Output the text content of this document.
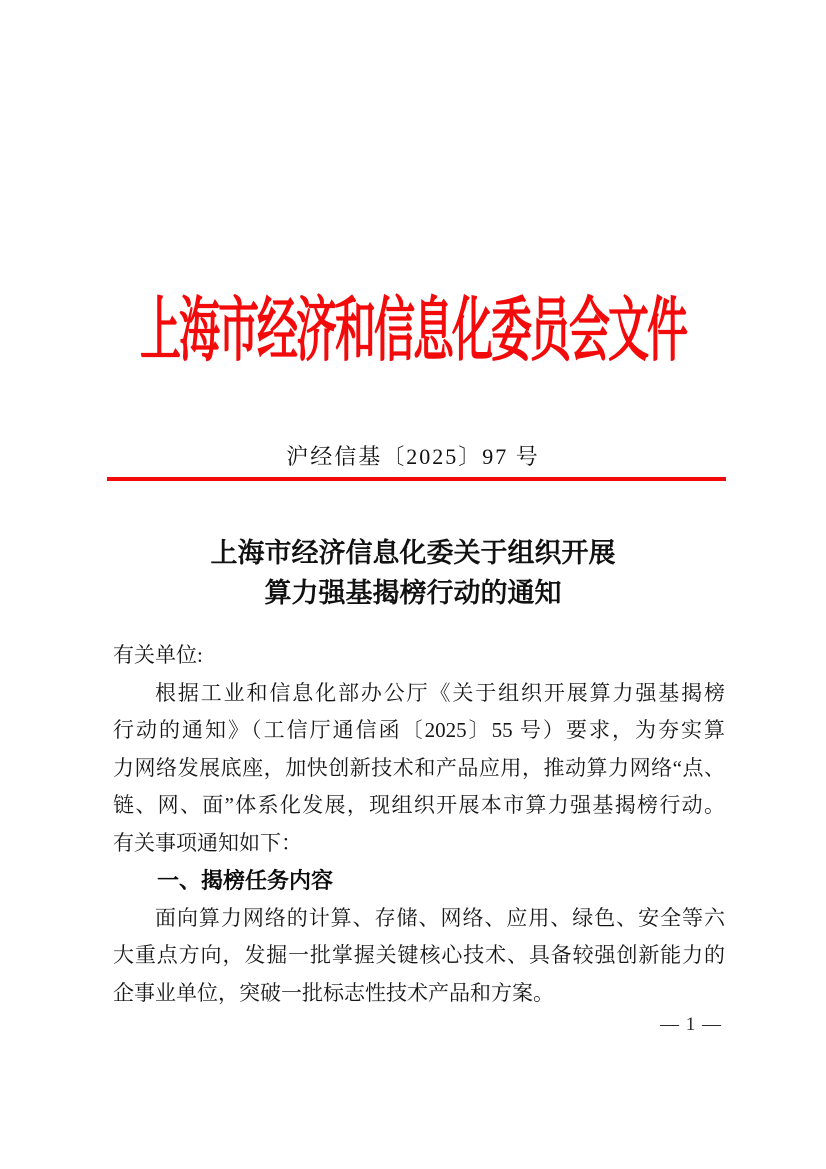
上海市经济和信息化委员会文件
沪经信基〔2025〕97 号
上海市经济信息化委关于组织开展
算力强基揭榜行动的通知
有关单位:
根据工业和信息化部办公厅《关于组织开展算力强基揭榜
行动的通知》（工信厅通信函〔2025〕55 号）要求，为夯实算
力网络发展底座，加快创新技术和产品应用，推动算力网络“点、
链、网、面”体系化发展，现组织开展本市算力强基揭榜行动。
有关事项通知如下：
一、揭榜任务内容
面向算力网络的计算、存储、网络、应用、绿色、安全等六
大重点方向，发掘一批掌握关键核心技术、具备较强创新能力的
企事业单位，突破一批标志性技术产品和方案。
— 1 —
